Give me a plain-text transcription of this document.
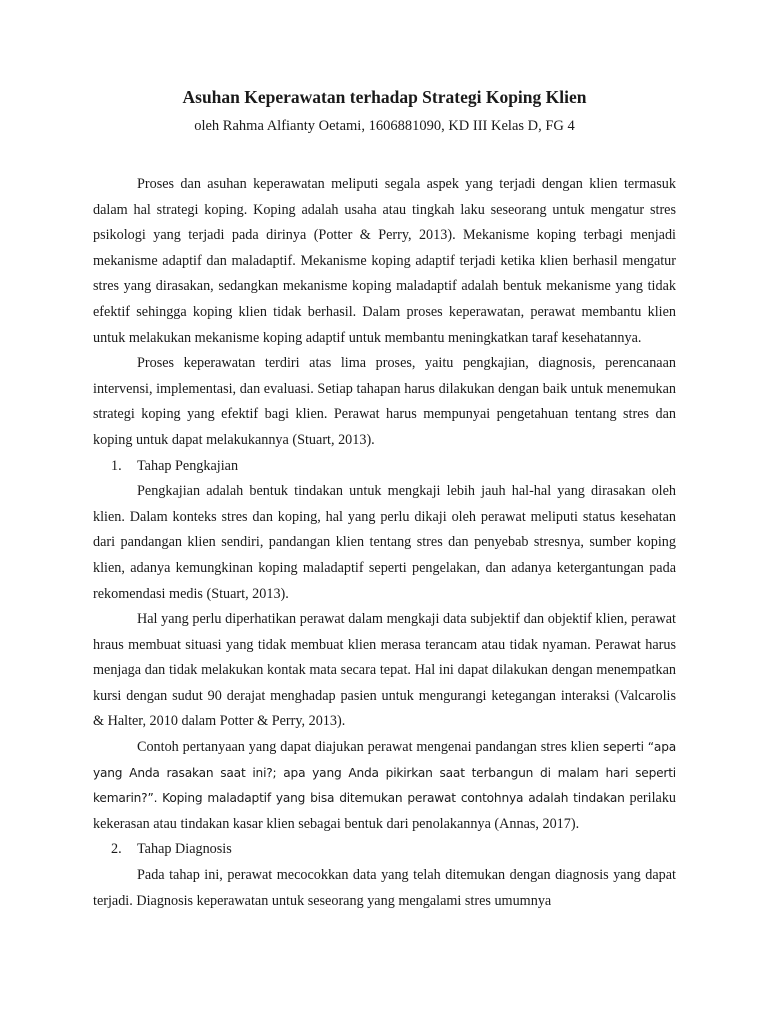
Asuhan Keperawatan terhadap Strategi Koping Klien

oleh Rahma Alfianty Oetami, 1606881090, KD III Kelas D, FG 4

Proses dan asuhan keperawatan meliputi segala aspek yang terjadi dengan klien termasuk dalam hal strategi koping. Koping adalah usaha atau tingkah laku seseorang untuk mengatur stres psikologi yang terjadi pada dirinya (Potter & Perry, 2013). Mekanisme koping terbagi menjadi mekanisme adaptif dan maladaptif. Mekanisme koping adaptif terjadi ketika klien berhasil mengatur stres yang dirasakan, sedangkan mekanisme koping maladaptif adalah bentuk mekanisme yang tidak efektif sehingga koping klien tidak berhasil. Dalam proses keperawatan, perawat membantu klien untuk melakukan mekanisme koping adaptif untuk membantu meningkatkan taraf kesehatannya.

Proses keperawatan terdiri atas lima proses, yaitu pengkajian, diagnosis, perencanaan intervensi, implementasi, dan evaluasi. Setiap tahapan harus dilakukan dengan baik untuk menemukan strategi koping yang efektif bagi klien. Perawat harus mempunyai pengetahuan tentang stres dan koping untuk dapat melakukannya (Stuart, 2013).

1.	Tahap Pengkajian

Pengkajian adalah bentuk tindakan untuk mengkaji lebih jauh hal-hal yang dirasakan oleh klien. Dalam konteks stres dan koping, hal yang perlu dikaji oleh perawat meliputi status kesehatan dari pandangan klien sendiri, pandangan klien tentang stres dan penyebab stresnya, sumber koping klien, adanya kemungkinan koping maladaptif seperti pengelakan, dan adanya ketergantungan pada rekomendasi medis (Stuart, 2013).

Hal yang perlu diperhatikan perawat dalam mengkaji data subjektif dan objektif klien, perawat hraus membuat situasi yang tidak membuat klien merasa terancam atau tidak nyaman. Perawat harus menjaga dan tidak melakukan kontak mata secara tepat. Hal ini dapat dilakukan dengan menempatkan kursi dengan sudut 90 derajat menghadap pasien untuk mengurangi ketegangan interaksi (Valcarolis & Halter, 2010 dalam Potter & Perry, 2013).

Contoh pertanyaan yang dapat diajukan perawat mengenai pandangan stres klien seperti “apa yang Anda rasakan saat ini?; apa yang Anda pikirkan saat terbangun di malam hari seperti kemarin?”. Koping maladaptif yang bisa ditemukan perawat contohnya adalah tindakan perilaku kekerasan atau tindakan kasar klien sebagai bentuk dari penolakannya (Annas, 2017).

2.	Tahap Diagnosis

Pada tahap ini, perawat mecocokkan data yang telah ditemukan dengan diagnosis yang dapat terjadi. Diagnosis keperawatan untuk seseorang yang mengalami stres umumnya
